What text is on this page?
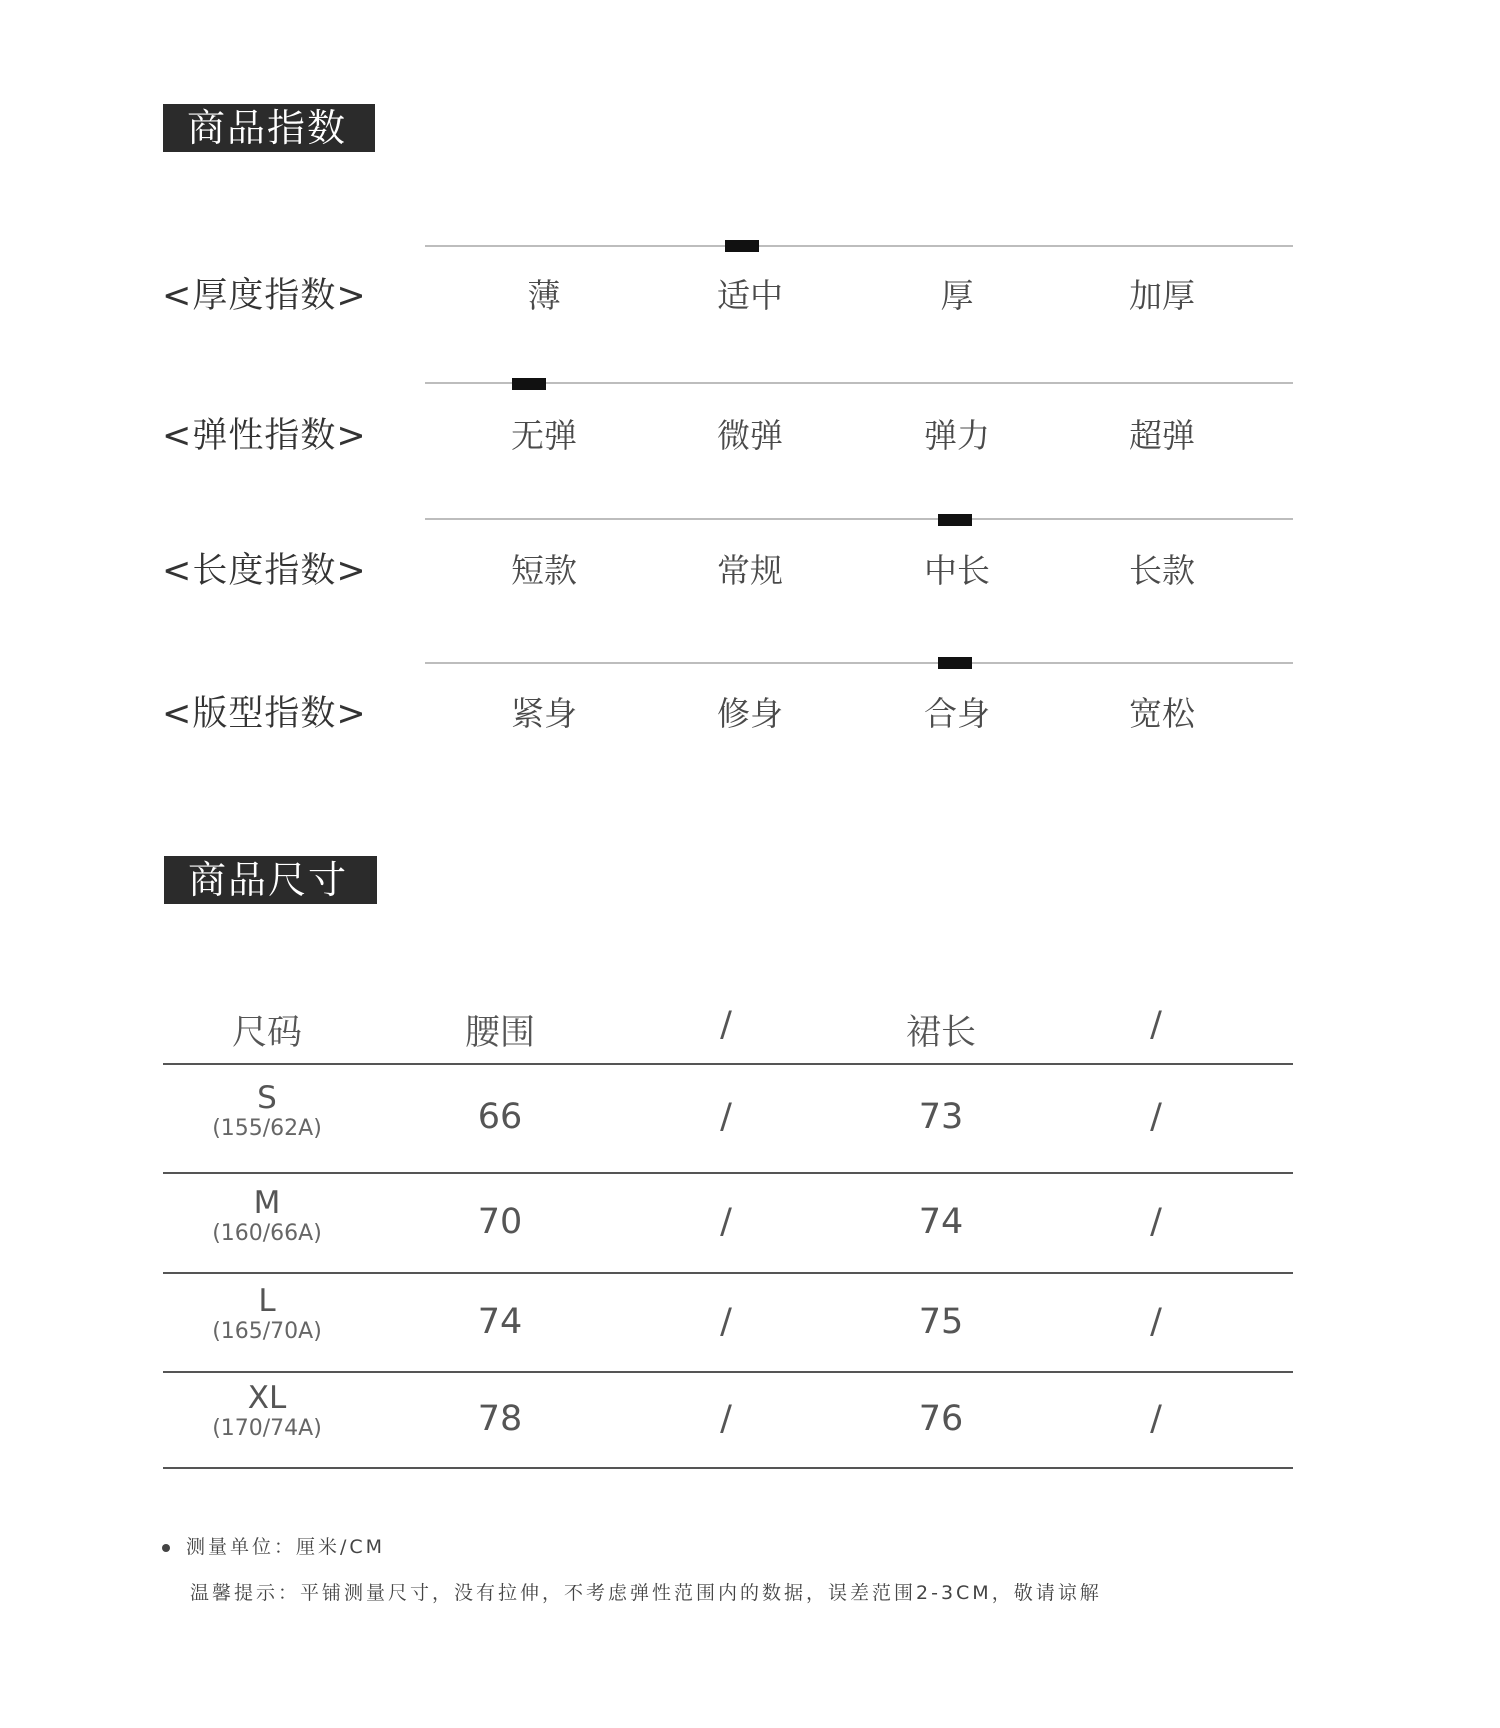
商品指数
<厚度指数>	薄	适中	厚	加厚
<弹性指数>	无弹	微弹	弹力	超弹
<长度指数>	短款	常规	中长	长款
<版型指数>	紧身	修身	合身	宽松
商品尺寸
尺码	腰围	/	裙长	/
S
(155/62A)	66	/	73	/
M
(160/66A)	70	/	74	/
L
(165/70A)	74	/	75	/
XL
(170/74A)	78	/	76	/
测量单位：厘米/CM
温馨提示：平铺测量尺寸，没有拉伸，不考虑弹性范围内的数据，误差范围2-3CM，敬请谅解
